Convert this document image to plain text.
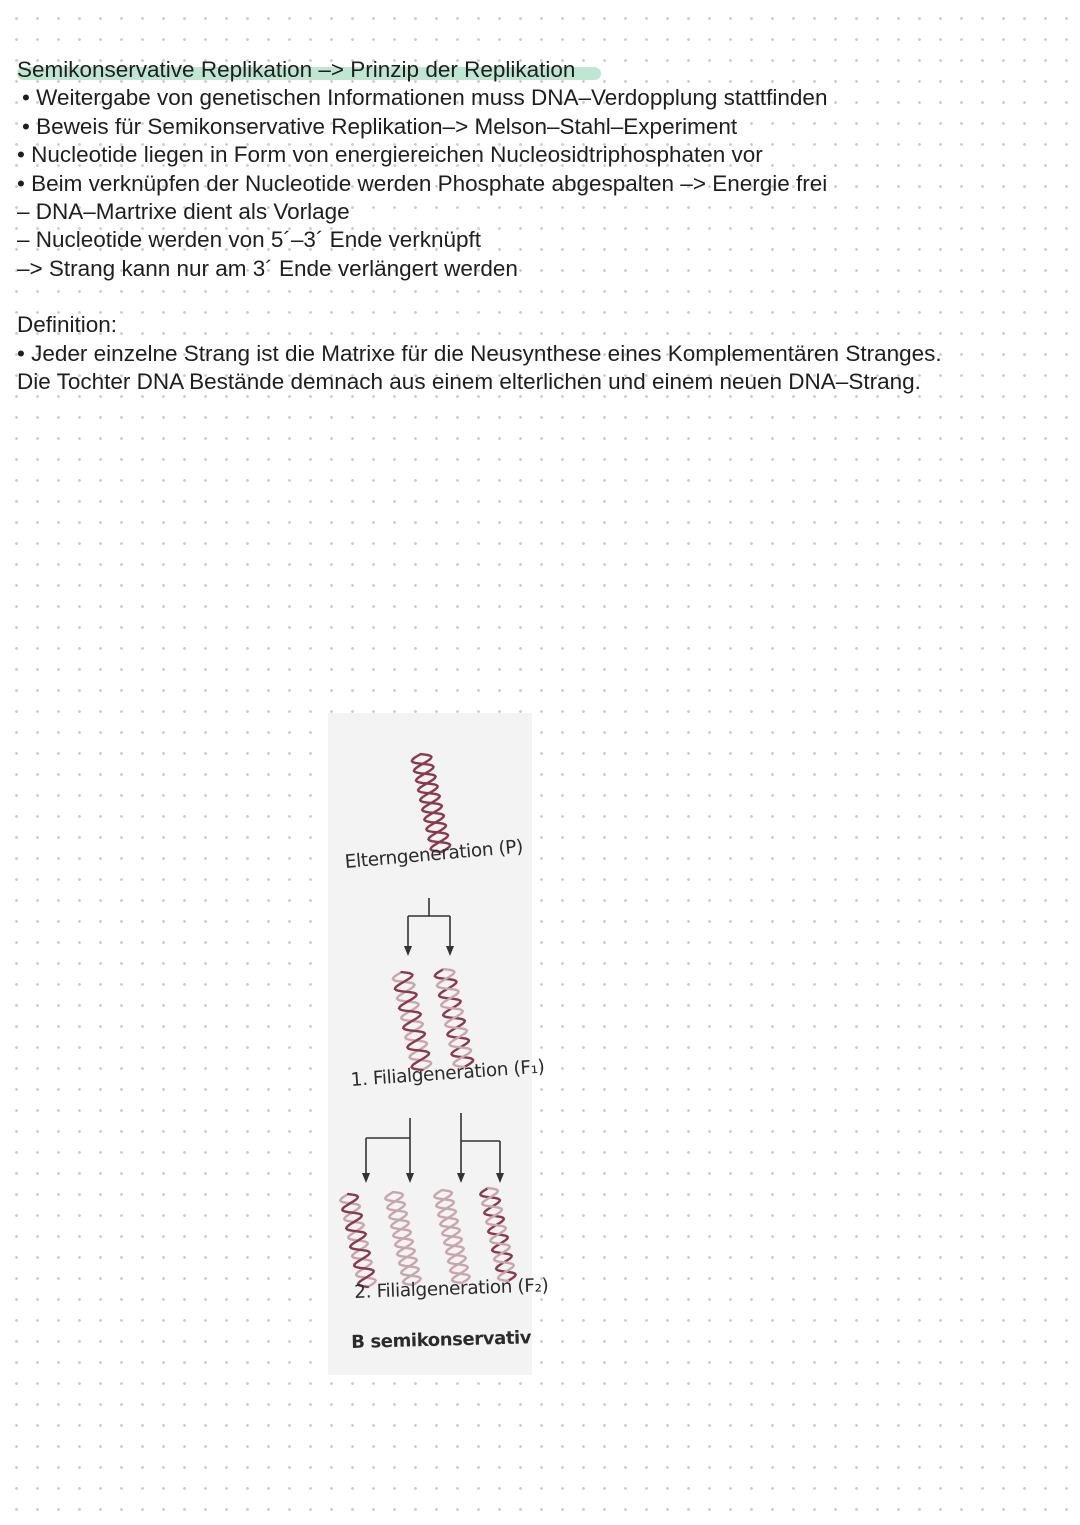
Semikonservative Replikation –> Prinzip der Replikation
• Weitergabe von genetischen Informationen muss DNA–Verdopplung stattfinden
• Beweis für Semikonservative Replikation–> Melson–Stahl–Experiment
• Nucleotide liegen in Form von energiereichen Nucleosidtriphosphaten vor
• Beim verknüpfen der Nucleotide werden Phosphate abgespalten –> Energie frei
– DNA–Martrixe dient als Vorlage
– Nucleotide werden von 5´–3´ Ende verknüpft
–> Strang kann nur am 3´ Ende verlängert werden
Definition:
• Jeder einzelne Strang ist die Matrixe für die Neusynthese eines Komplementären Stranges. Die Tochter DNA Bestände demnach aus einem elterlichen und einem neuen DNA–Strang.
Elterngeneration (P)
1. Filialgeneration (F₁)
2. Filialgeneration (F₂)
B semikonservativ
